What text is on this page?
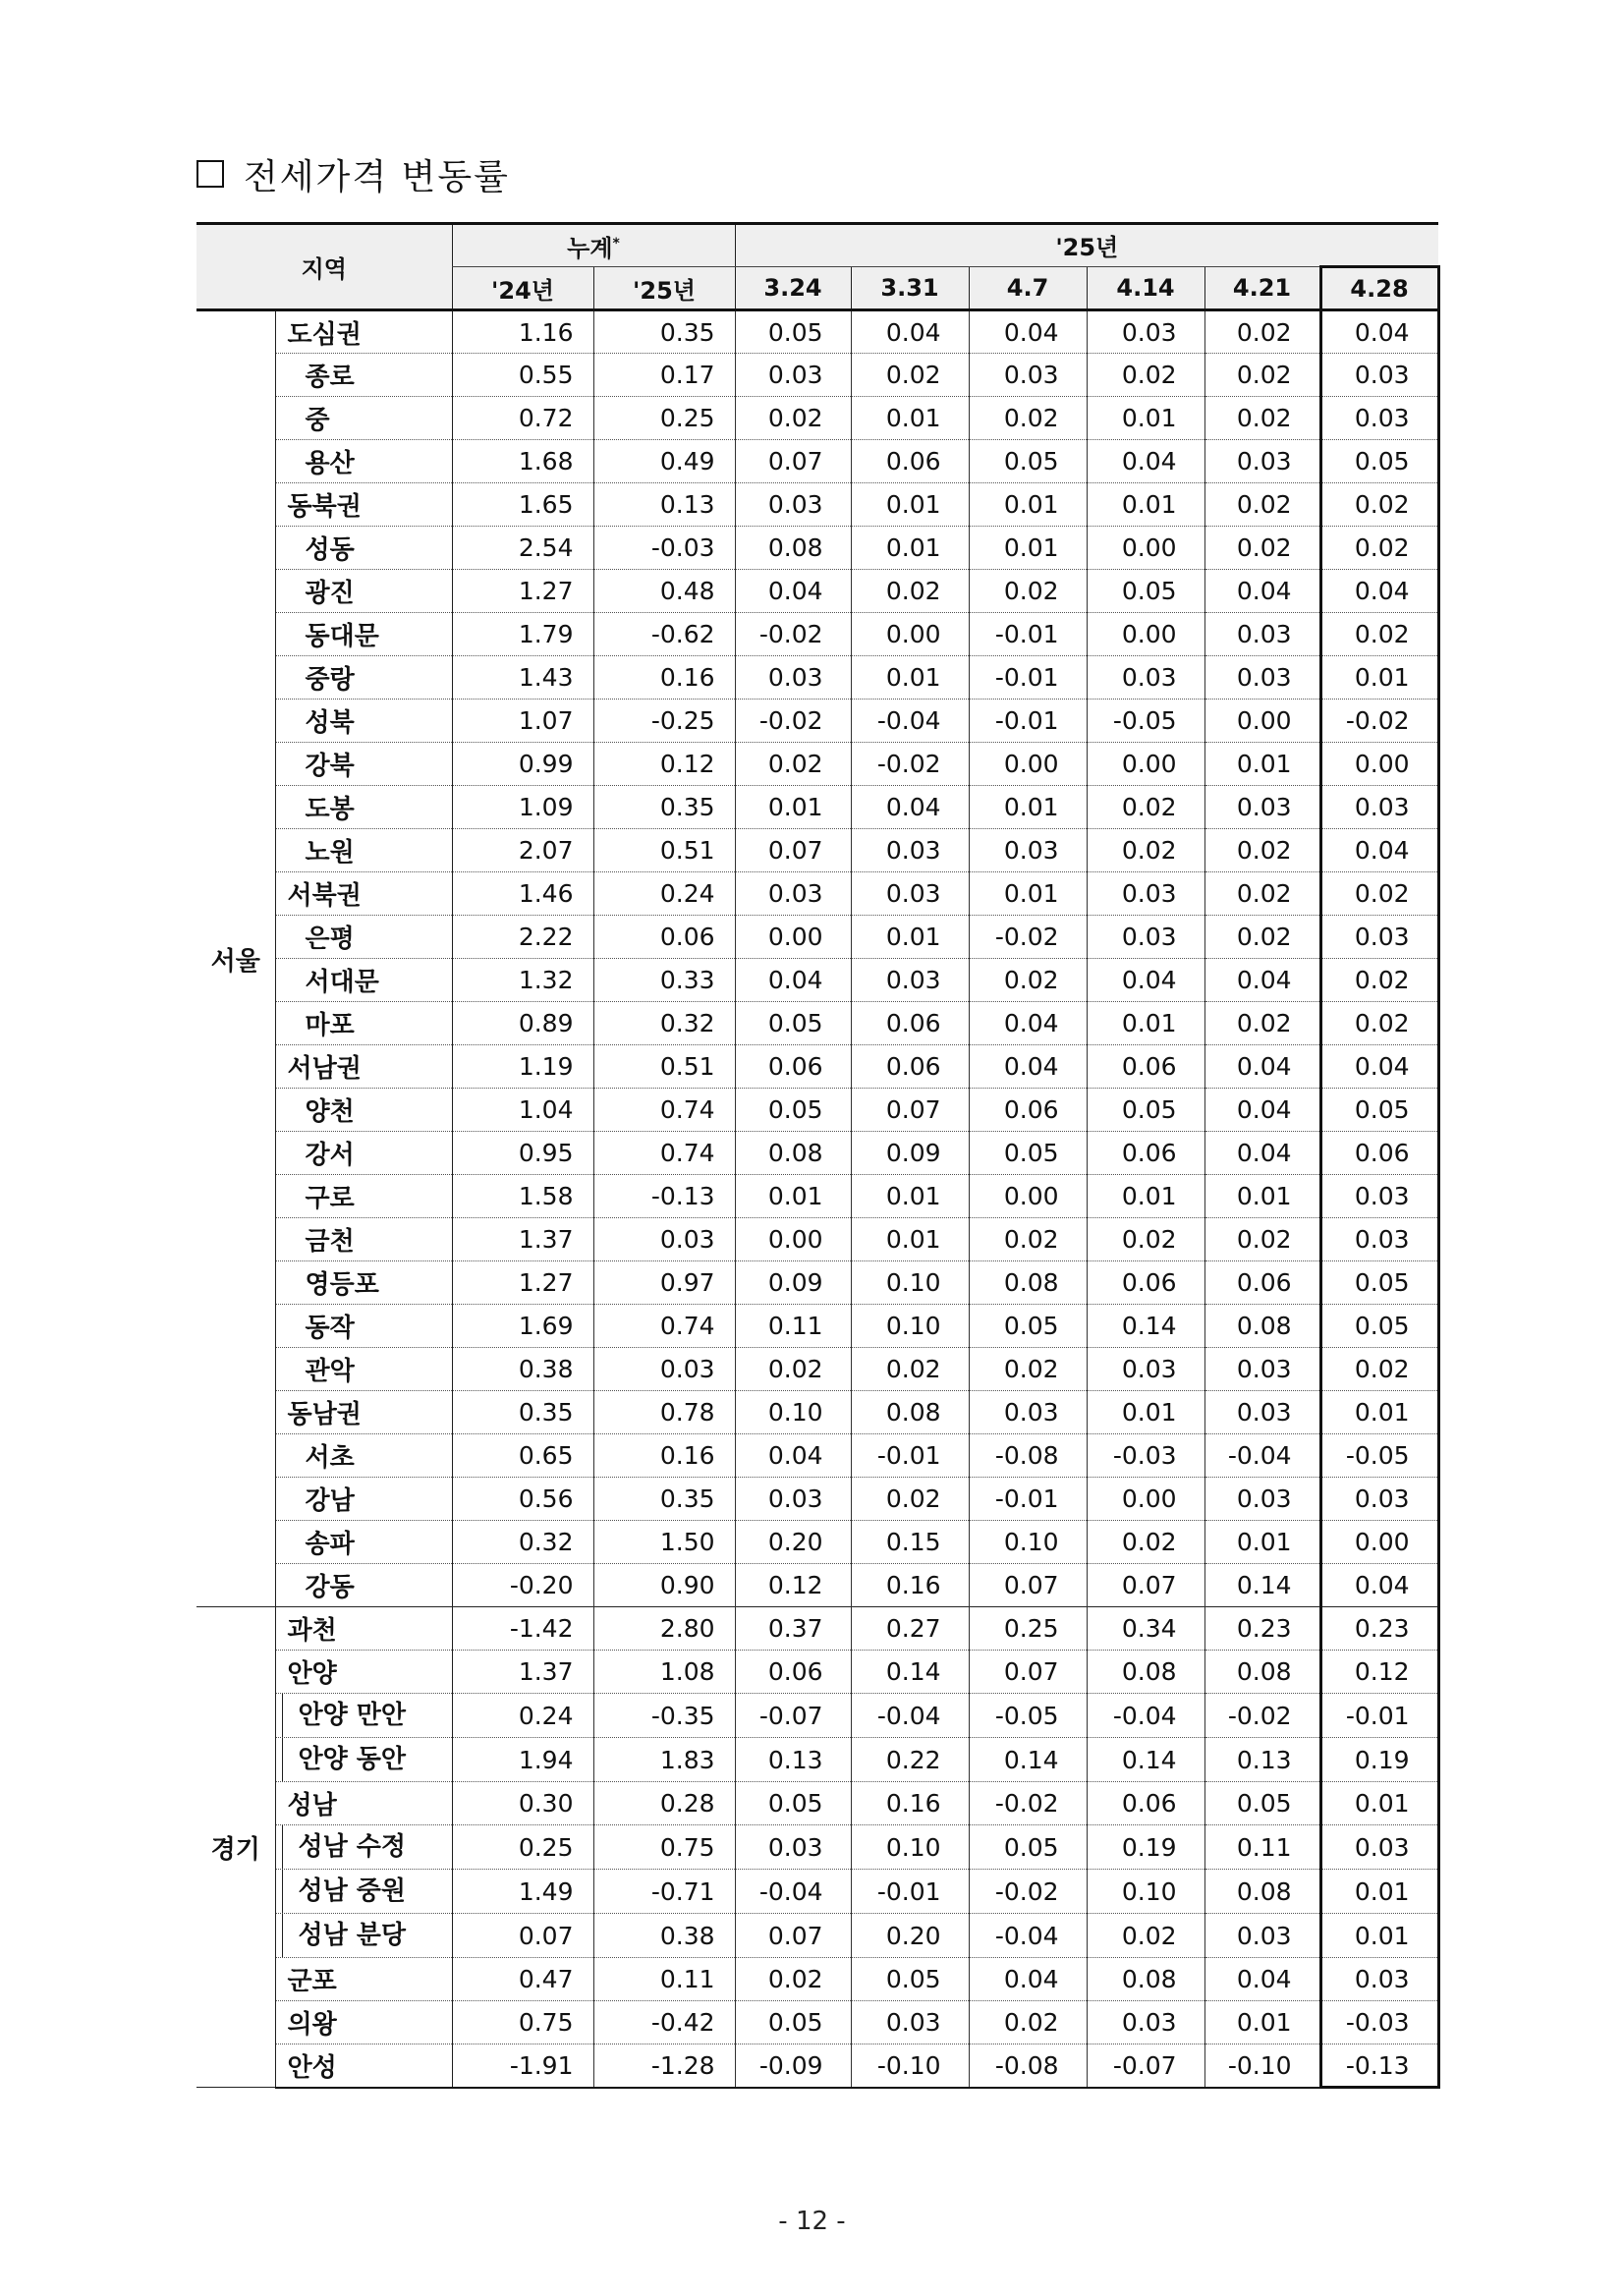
전세가격 변동률
지역		누계*		'25년					
		'24년	'25년	3.24	3.31	4.7	4.14	4.21	4.28
서울	도심권	1.16	0.35	0.05	0.04	0.04	0.03	0.02	0.04
	종로	0.55	0.17	0.03	0.02	0.03	0.02	0.02	0.03
	중	0.72	0.25	0.02	0.01	0.02	0.01	0.02	0.03
	용산	1.68	0.49	0.07	0.06	0.05	0.04	0.03	0.05
	동북권	1.65	0.13	0.03	0.01	0.01	0.01	0.02	0.02
	성동	2.54	-0.03	0.08	0.01	0.01	0.00	0.02	0.02
	광진	1.27	0.48	0.04	0.02	0.02	0.05	0.04	0.04
	동대문	1.79	-0.62	-0.02	0.00	-0.01	0.00	0.03	0.02
	중랑	1.43	0.16	0.03	0.01	-0.01	0.03	0.03	0.01
	성북	1.07	-0.25	-0.02	-0.04	-0.01	-0.05	0.00	-0.02
	강북	0.99	0.12	0.02	-0.02	0.00	0.00	0.01	0.00
	도봉	1.09	0.35	0.01	0.04	0.01	0.02	0.03	0.03
	노원	2.07	0.51	0.07	0.03	0.03	0.02	0.02	0.04
	서북권	1.46	0.24	0.03	0.03	0.01	0.03	0.02	0.02
	은평	2.22	0.06	0.00	0.01	-0.02	0.03	0.02	0.03
	서대문	1.32	0.33	0.04	0.03	0.02	0.04	0.04	0.02
	마포	0.89	0.32	0.05	0.06	0.04	0.01	0.02	0.02
	서남권	1.19	0.51	0.06	0.06	0.04	0.06	0.04	0.04
	양천	1.04	0.74	0.05	0.07	0.06	0.05	0.04	0.05
	강서	0.95	0.74	0.08	0.09	0.05	0.06	0.04	0.06
	구로	1.58	-0.13	0.01	0.01	0.00	0.01	0.01	0.03
	금천	1.37	0.03	0.00	0.01	0.02	0.02	0.02	0.03
	영등포	1.27	0.97	0.09	0.10	0.08	0.06	0.06	0.05
	동작	1.69	0.74	0.11	0.10	0.05	0.14	0.08	0.05
	관악	0.38	0.03	0.02	0.02	0.02	0.03	0.03	0.02
	동남권	0.35	0.78	0.10	0.08	0.03	0.01	0.03	0.01
	서초	0.65	0.16	0.04	-0.01	-0.08	-0.03	-0.04	-0.05
	강남	0.56	0.35	0.03	0.02	-0.01	0.00	0.03	0.03
	송파	0.32	1.50	0.20	0.15	0.10	0.02	0.01	0.00
	강동	-0.20	0.90	0.12	0.16	0.07	0.07	0.14	0.04
경기	과천	-1.42	2.80	0.37	0.27	0.25	0.34	0.23	0.23
	안양	1.37	1.08	0.06	0.14	0.07	0.08	0.08	0.12

	안양 만안	0.24	-0.35	-0.07	-0.04	-0.05	-0.04	-0.02	-0.01

	안양 동안	1.94	1.83	0.13	0.22	0.14	0.14	0.13	0.19
	성남	0.30	0.28	0.05	0.16	-0.02	0.06	0.05	0.01

	성남 수정	0.25	0.75	0.03	0.10	0.05	0.19	0.11	0.03

	성남 중원	1.49	-0.71	-0.04	-0.01	-0.02	0.10	0.08	0.01

	성남 분당	0.07	0.38	0.07	0.20	-0.04	0.02	0.03	0.01
	군포	0.47	0.11	0.02	0.05	0.04	0.08	0.04	0.03
	의왕	0.75	-0.42	0.05	0.03	0.02	0.03	0.01	-0.03
	안성	-1.91	-1.28	-0.09	-0.10	-0.08	-0.07	-0.10	-0.13
- 12 -
